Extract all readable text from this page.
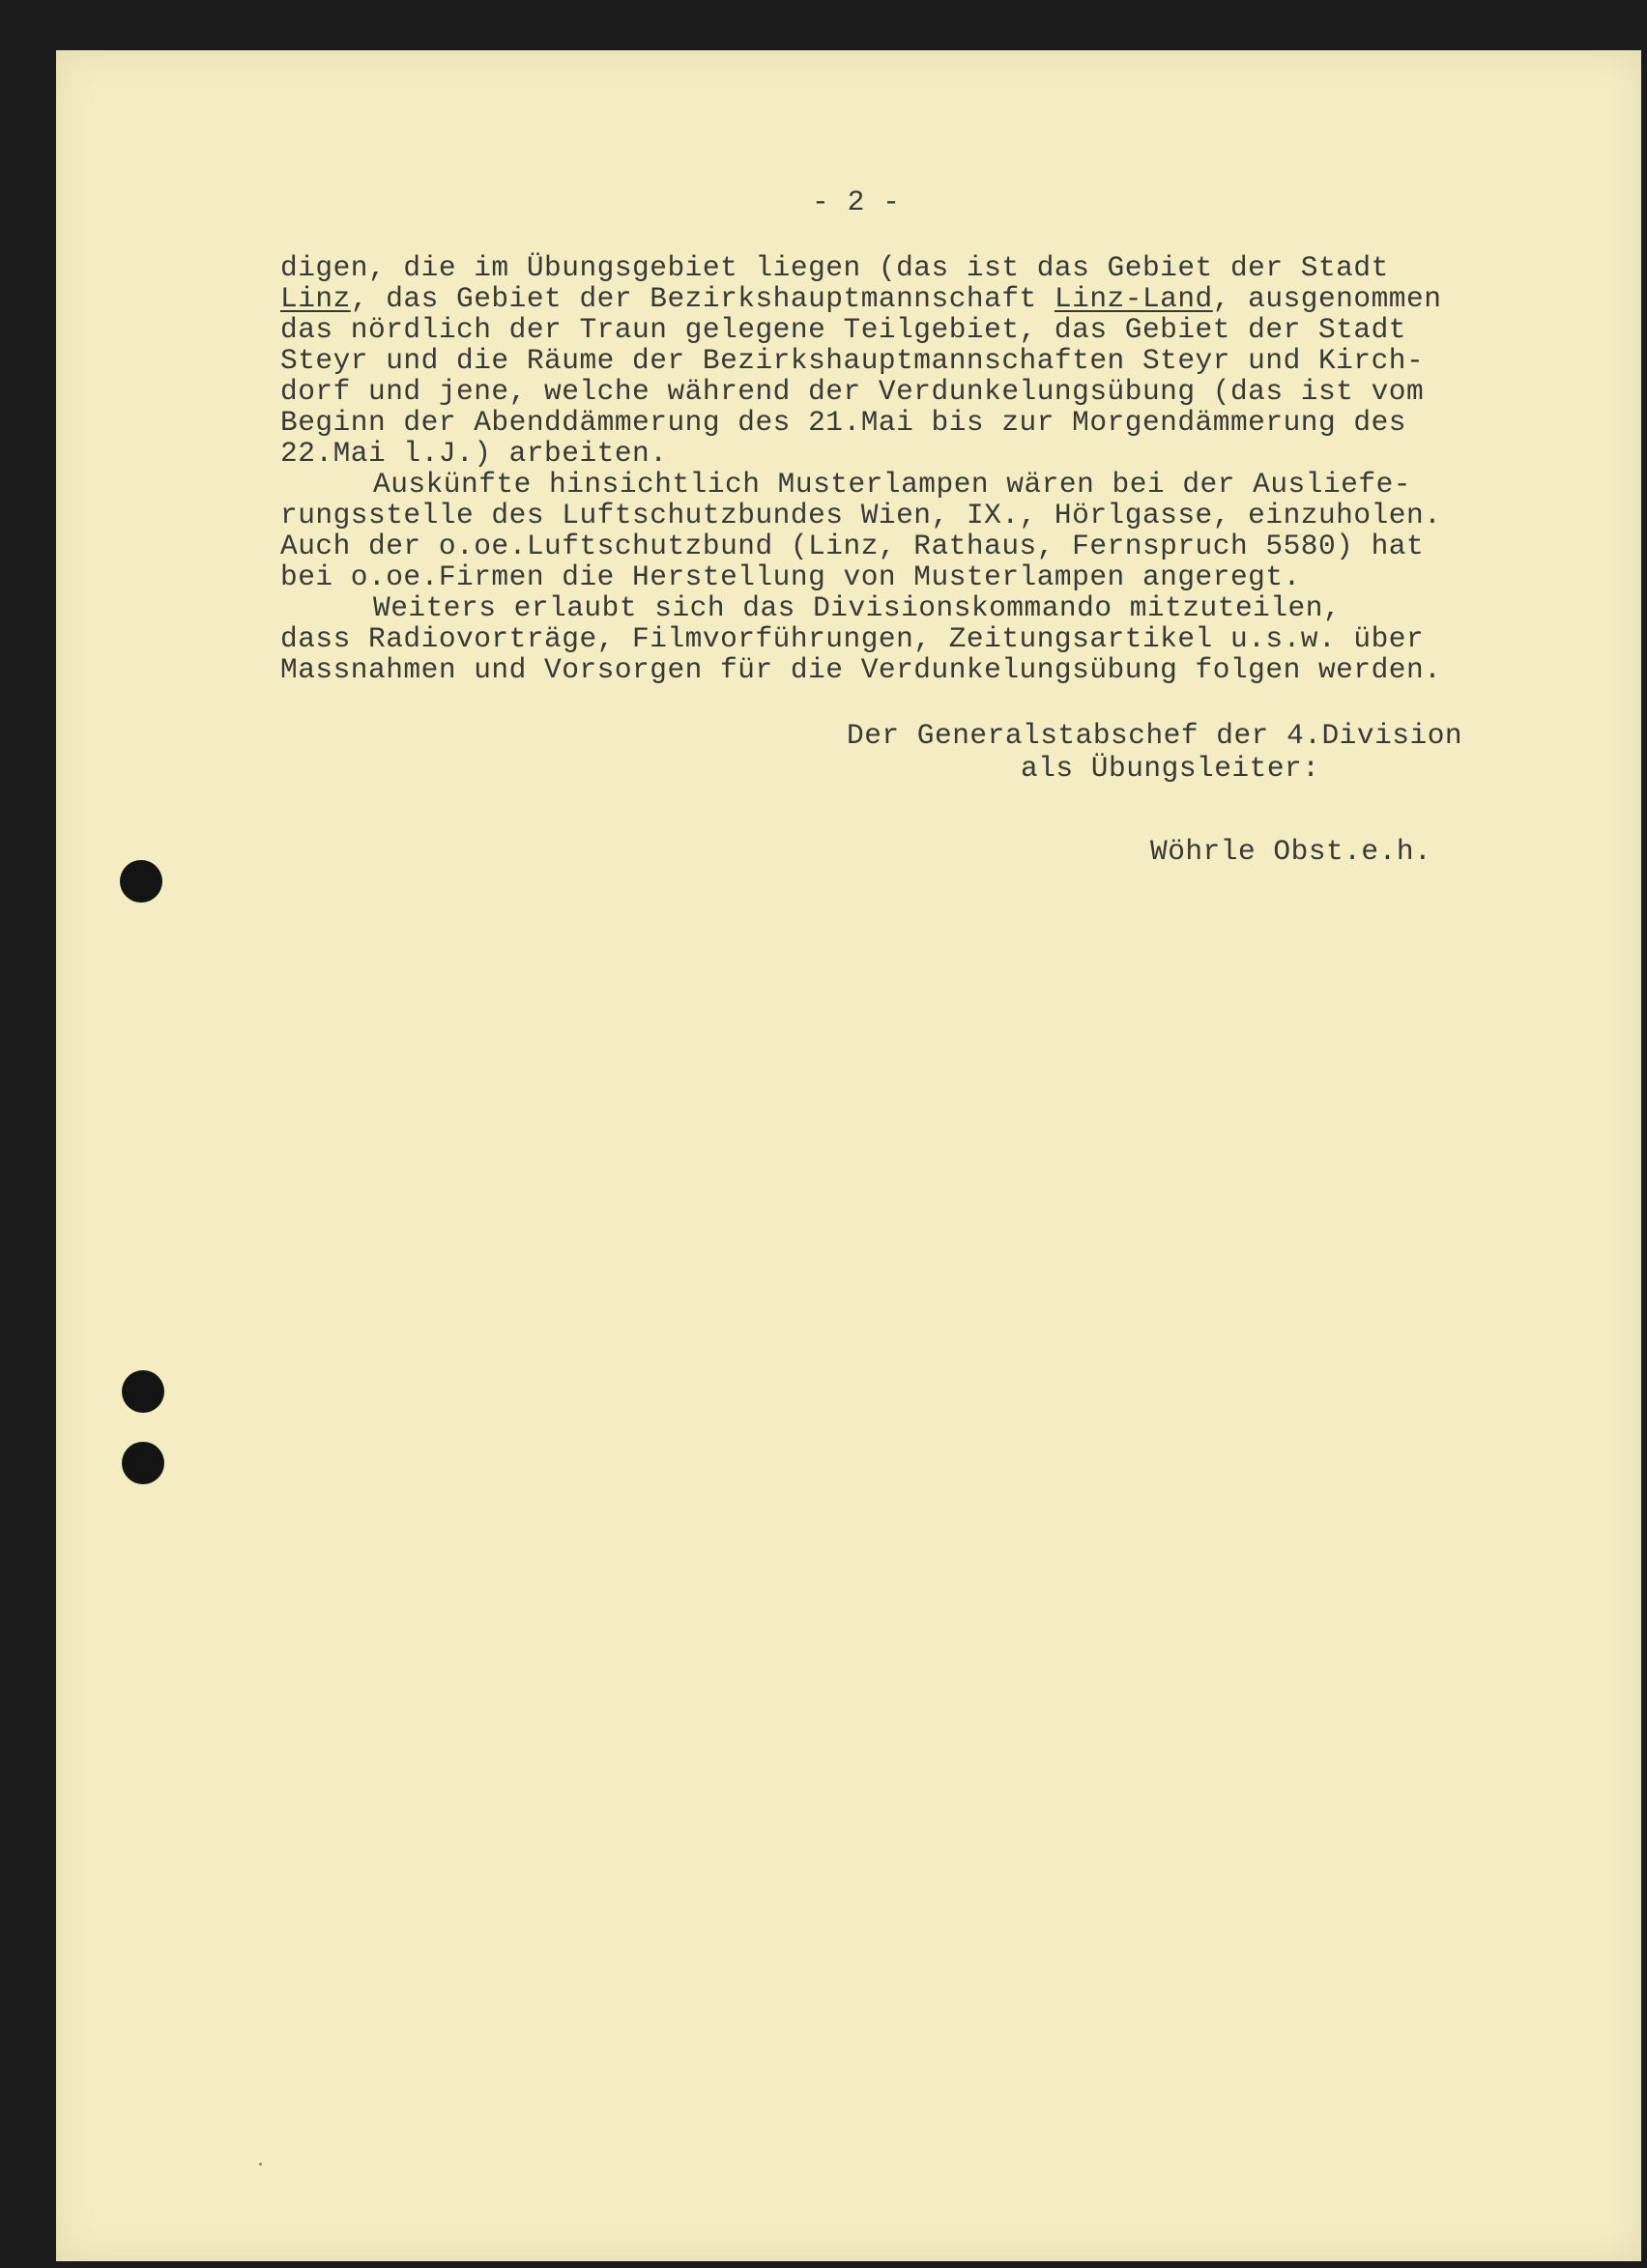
- 2 -
digen, die im Übungsgebiet liegen (das ist das Gebiet der Stadt
Linz, das Gebiet der Bezirkshauptmannschaft Linz-Land, ausgenommen
das nördlich der Traun gelegene Teilgebiet, das Gebiet der Stadt
Steyr und die Räume der Bezirkshauptmannschaften Steyr und Kirch-
dorf und jene, welche während der Verdunkelungsübung (das ist vom
Beginn der Abenddämmerung des 21.Mai bis zur Morgendämmerung des
22.Mai l.J.) arbeiten.
Auskünfte hinsichtlich Musterlampen wären bei der Ausliefe-
rungsstelle des Luftschutzbundes Wien, IX., Hörlgasse, einzuholen.
Auch der o.oe.Luftschutzbund (Linz, Rathaus, Fernspruch 5580) hat
bei o.oe.Firmen die Herstellung von Musterlampen angeregt.
Weiters erlaubt sich das Divisionskommando mitzuteilen,
dass Radiovorträge, Filmvorführungen, Zeitungsartikel u.s.w. über
Massnahmen und Vorsorgen für die Verdunkelungsübung folgen werden.
Der Generalstabschef der 4.Division
als Übungsleiter:
Wöhrle Obst.e.h.
